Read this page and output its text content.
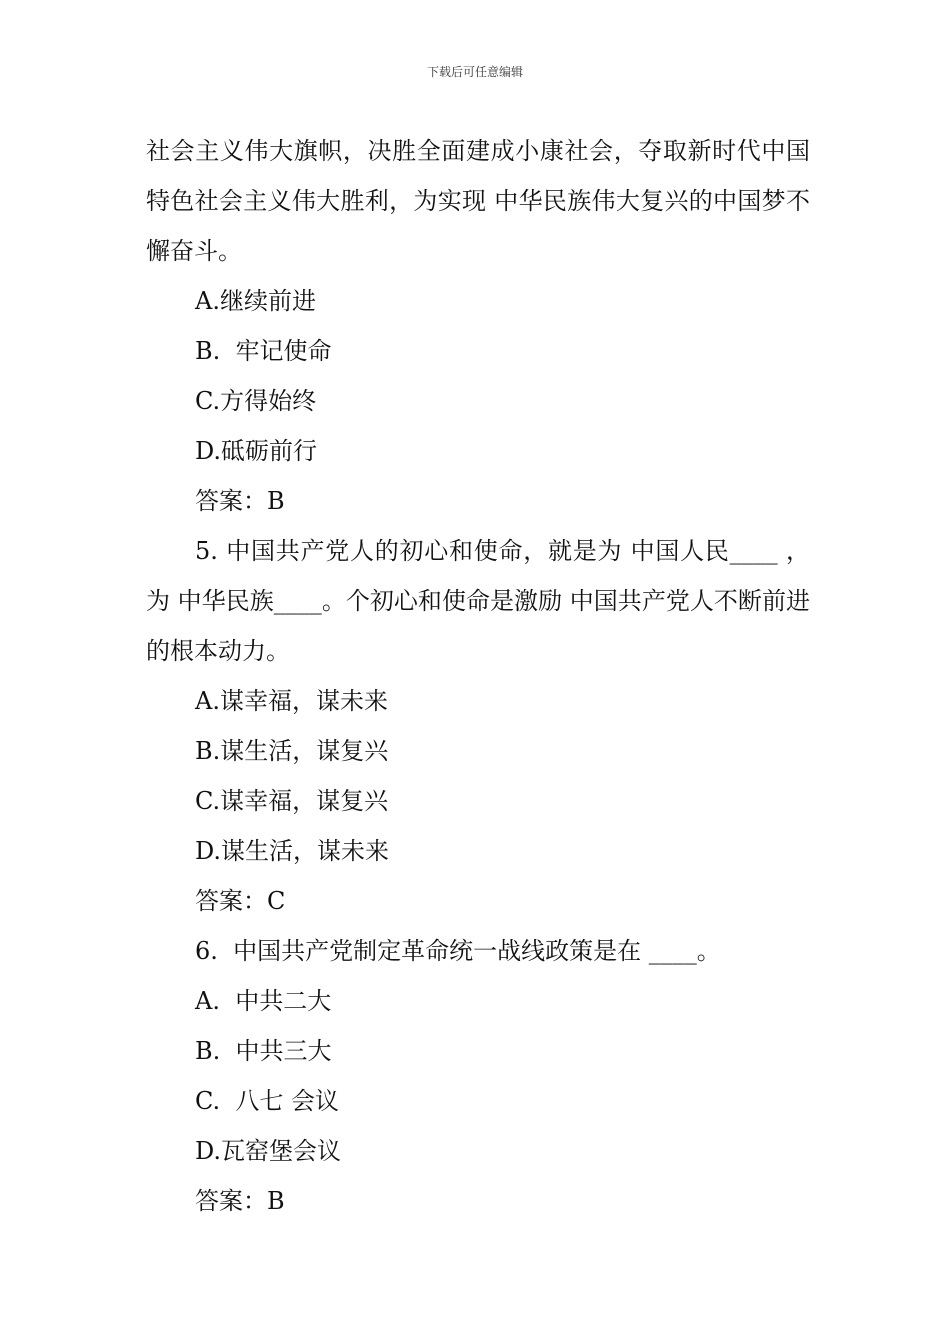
下载后可任意编辑

社会主义伟大旗帜，决胜全面建成小康社会，夺取新时代中国特色社会主义伟大胜利，为实现 中华民族伟大复兴的中国梦不懈奋斗。

A.继续前进

B.  牢记使命

C.方得始终

D.砥砺前行

答案：B

5. 中国共产党人的初心和使命，就是为 中国人民____ ，为 中华民族____。个初心和使命是激励 中国共产党人不断前进的根本动力。

A.谋幸福，谋未来

B.谋生活，谋复兴

C.谋幸福，谋复兴

D.谋生活，谋未来

答案：C

6.  中国共产党制定革命统一战线政策是在 ____。

A.  中共二大

B.  中共三大

C.  八七 会议

D.瓦窑堡会议

答案：B
